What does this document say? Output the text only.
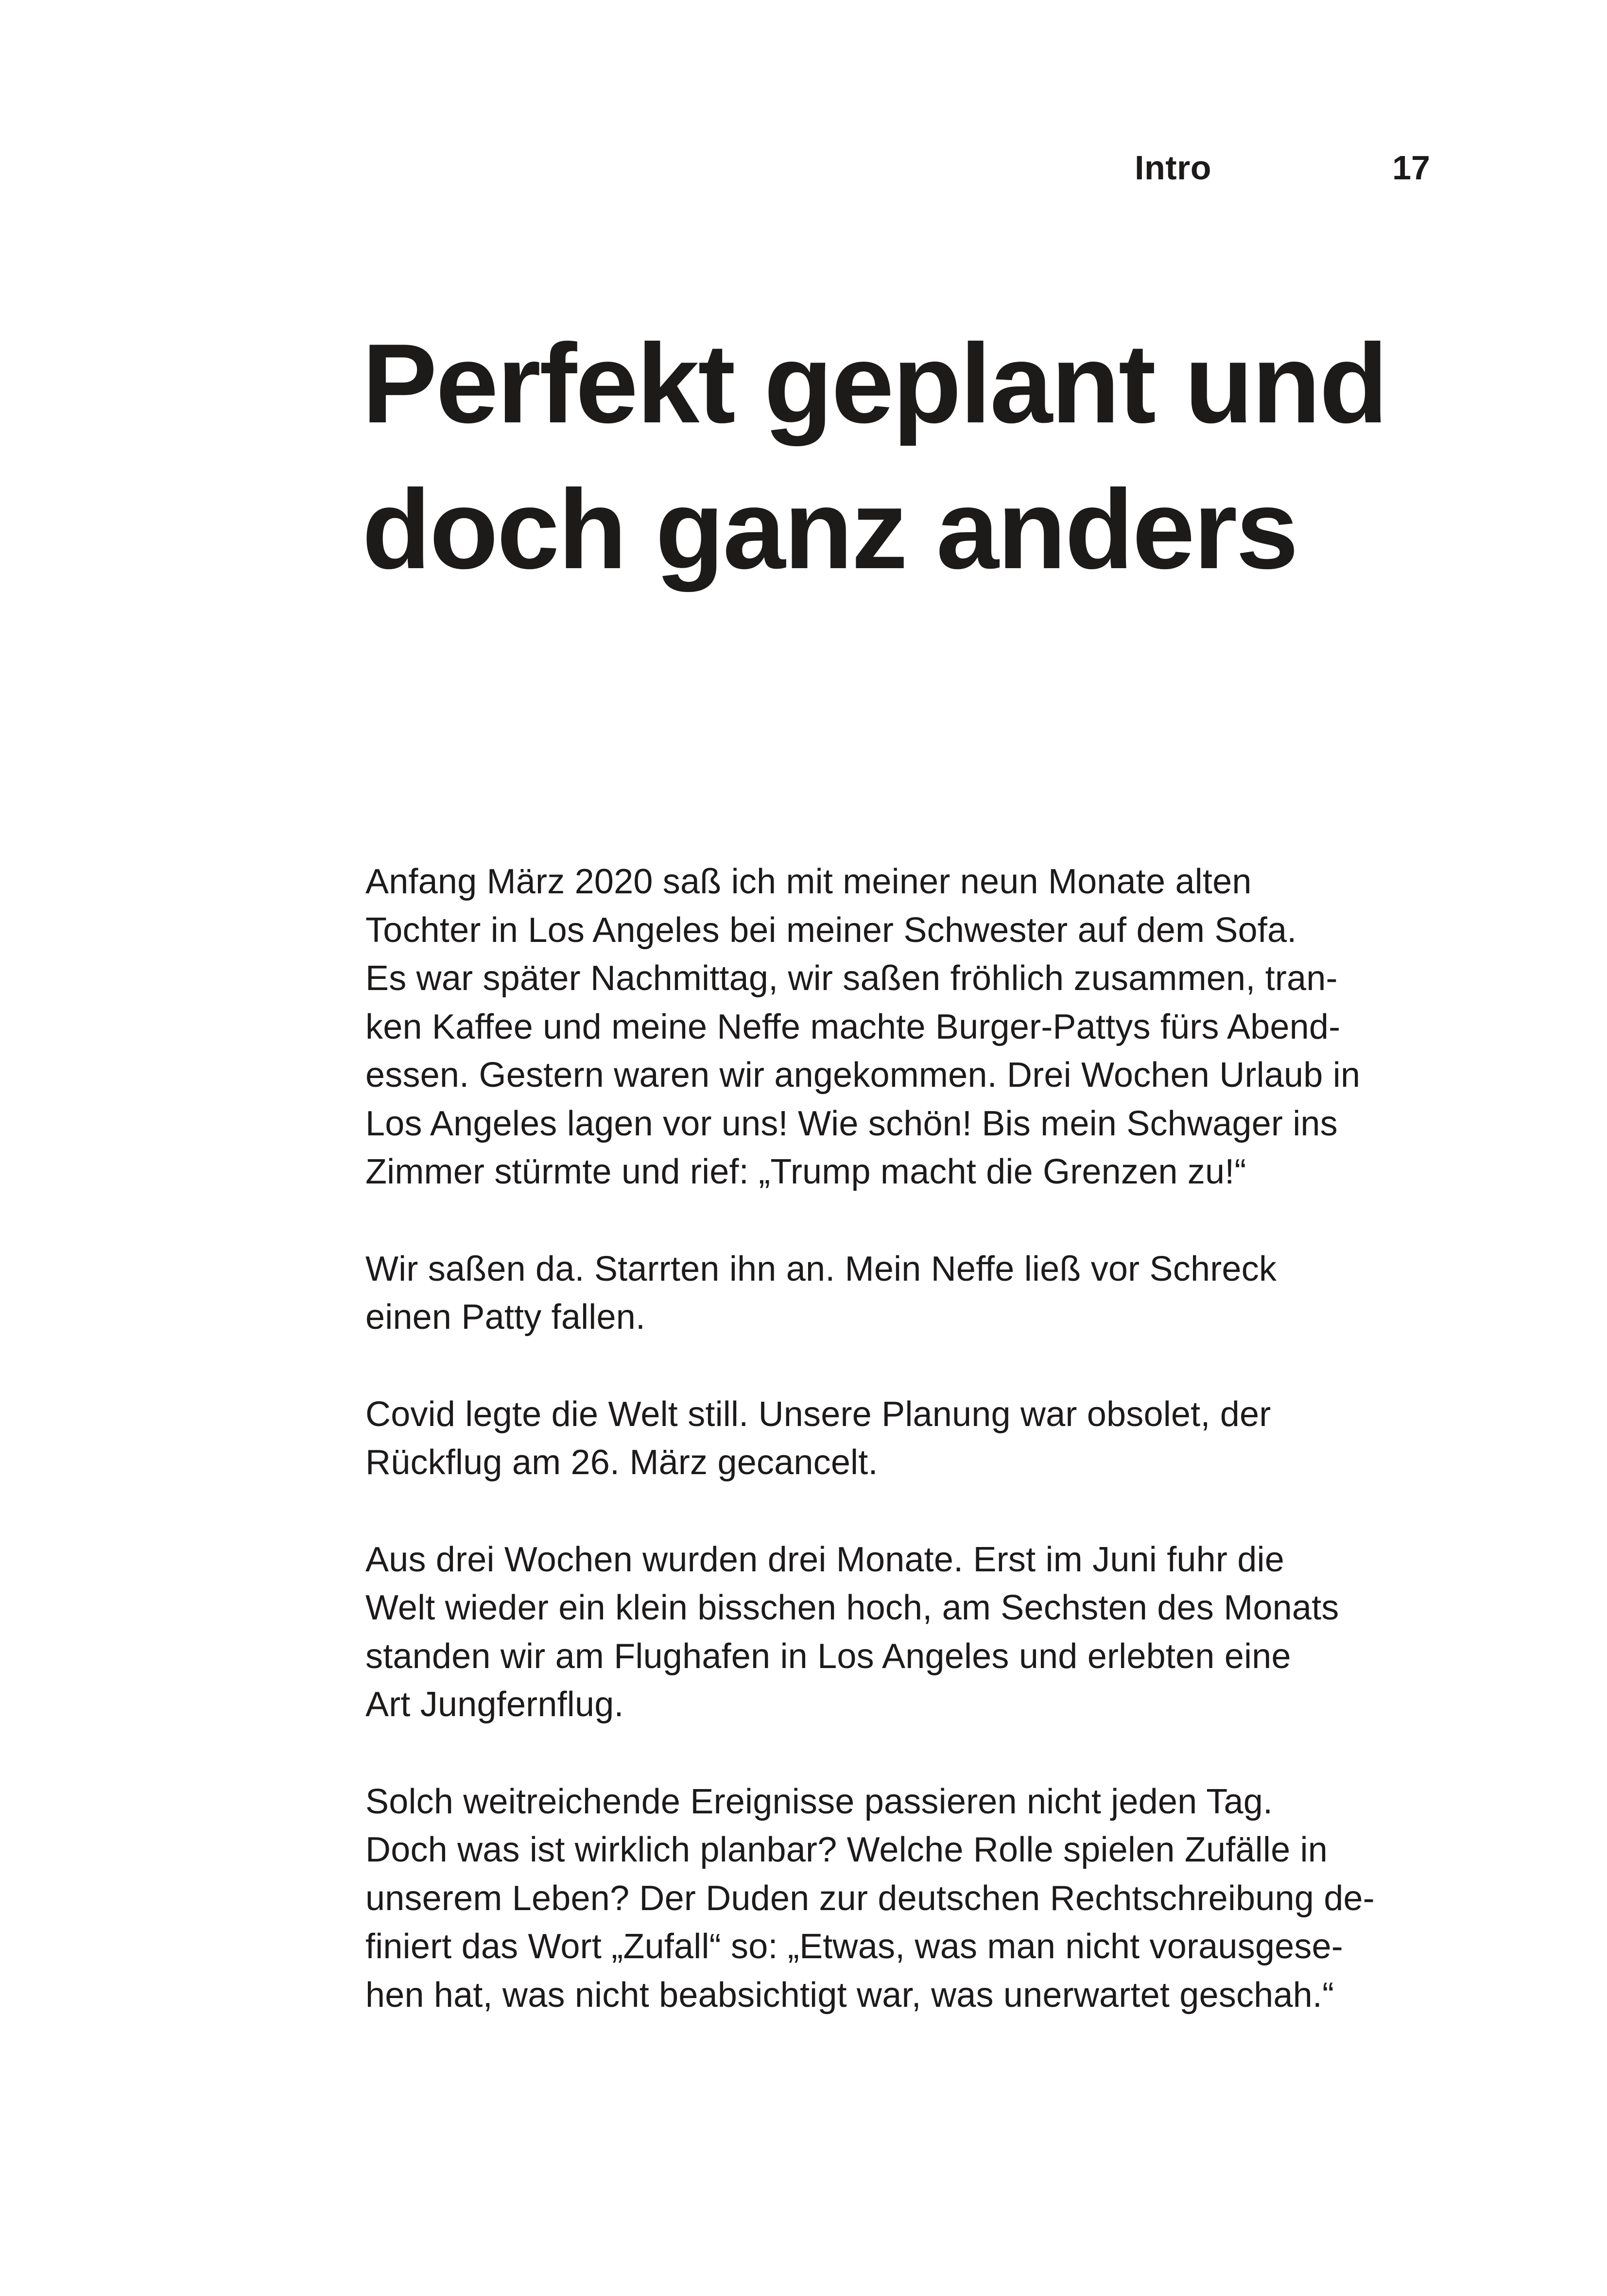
Intro	17
Perfekt geplant und
doch ganz anders

Anfang März 2020 saß ich mit meiner neun Monate alten
Tochter in Los Angeles bei meiner Schwester auf dem Sofa.
Es war später Nachmittag, wir saßen fröhlich zusammen, tran-
ken Kaffee und meine Neffe machte Burger-Pattys fürs Abend-
essen. Gestern waren wir angekommen. Drei Wochen Urlaub in
Los Angeles lagen vor uns! Wie schön! Bis mein Schwager ins
Zimmer stürmte und rief: „Trump macht die Grenzen zu!“

Wir saßen da. Starrten ihn an. Mein Neffe ließ vor Schreck
einen Patty fallen.

Covid legte die Welt still. Unsere Planung war obsolet, der
Rückflug am 26. März gecancelt.

Aus drei Wochen wurden drei Monate. Erst im Juni fuhr die
Welt wieder ein klein bisschen hoch, am Sechsten des Monats
standen wir am Flughafen in Los Angeles und erlebten eine
Art Jungfernflug.

Solch weitreichende Ereignisse passieren nicht jeden Tag.
Doch was ist wirklich planbar? Welche Rolle spielen Zufälle in
unserem Leben? Der Duden zur deutschen Rechtschreibung de-
finiert das Wort „Zufall“ so: „Etwas, was man nicht vorausgese-
hen hat, was nicht beabsichtigt war, was unerwartet geschah.“
